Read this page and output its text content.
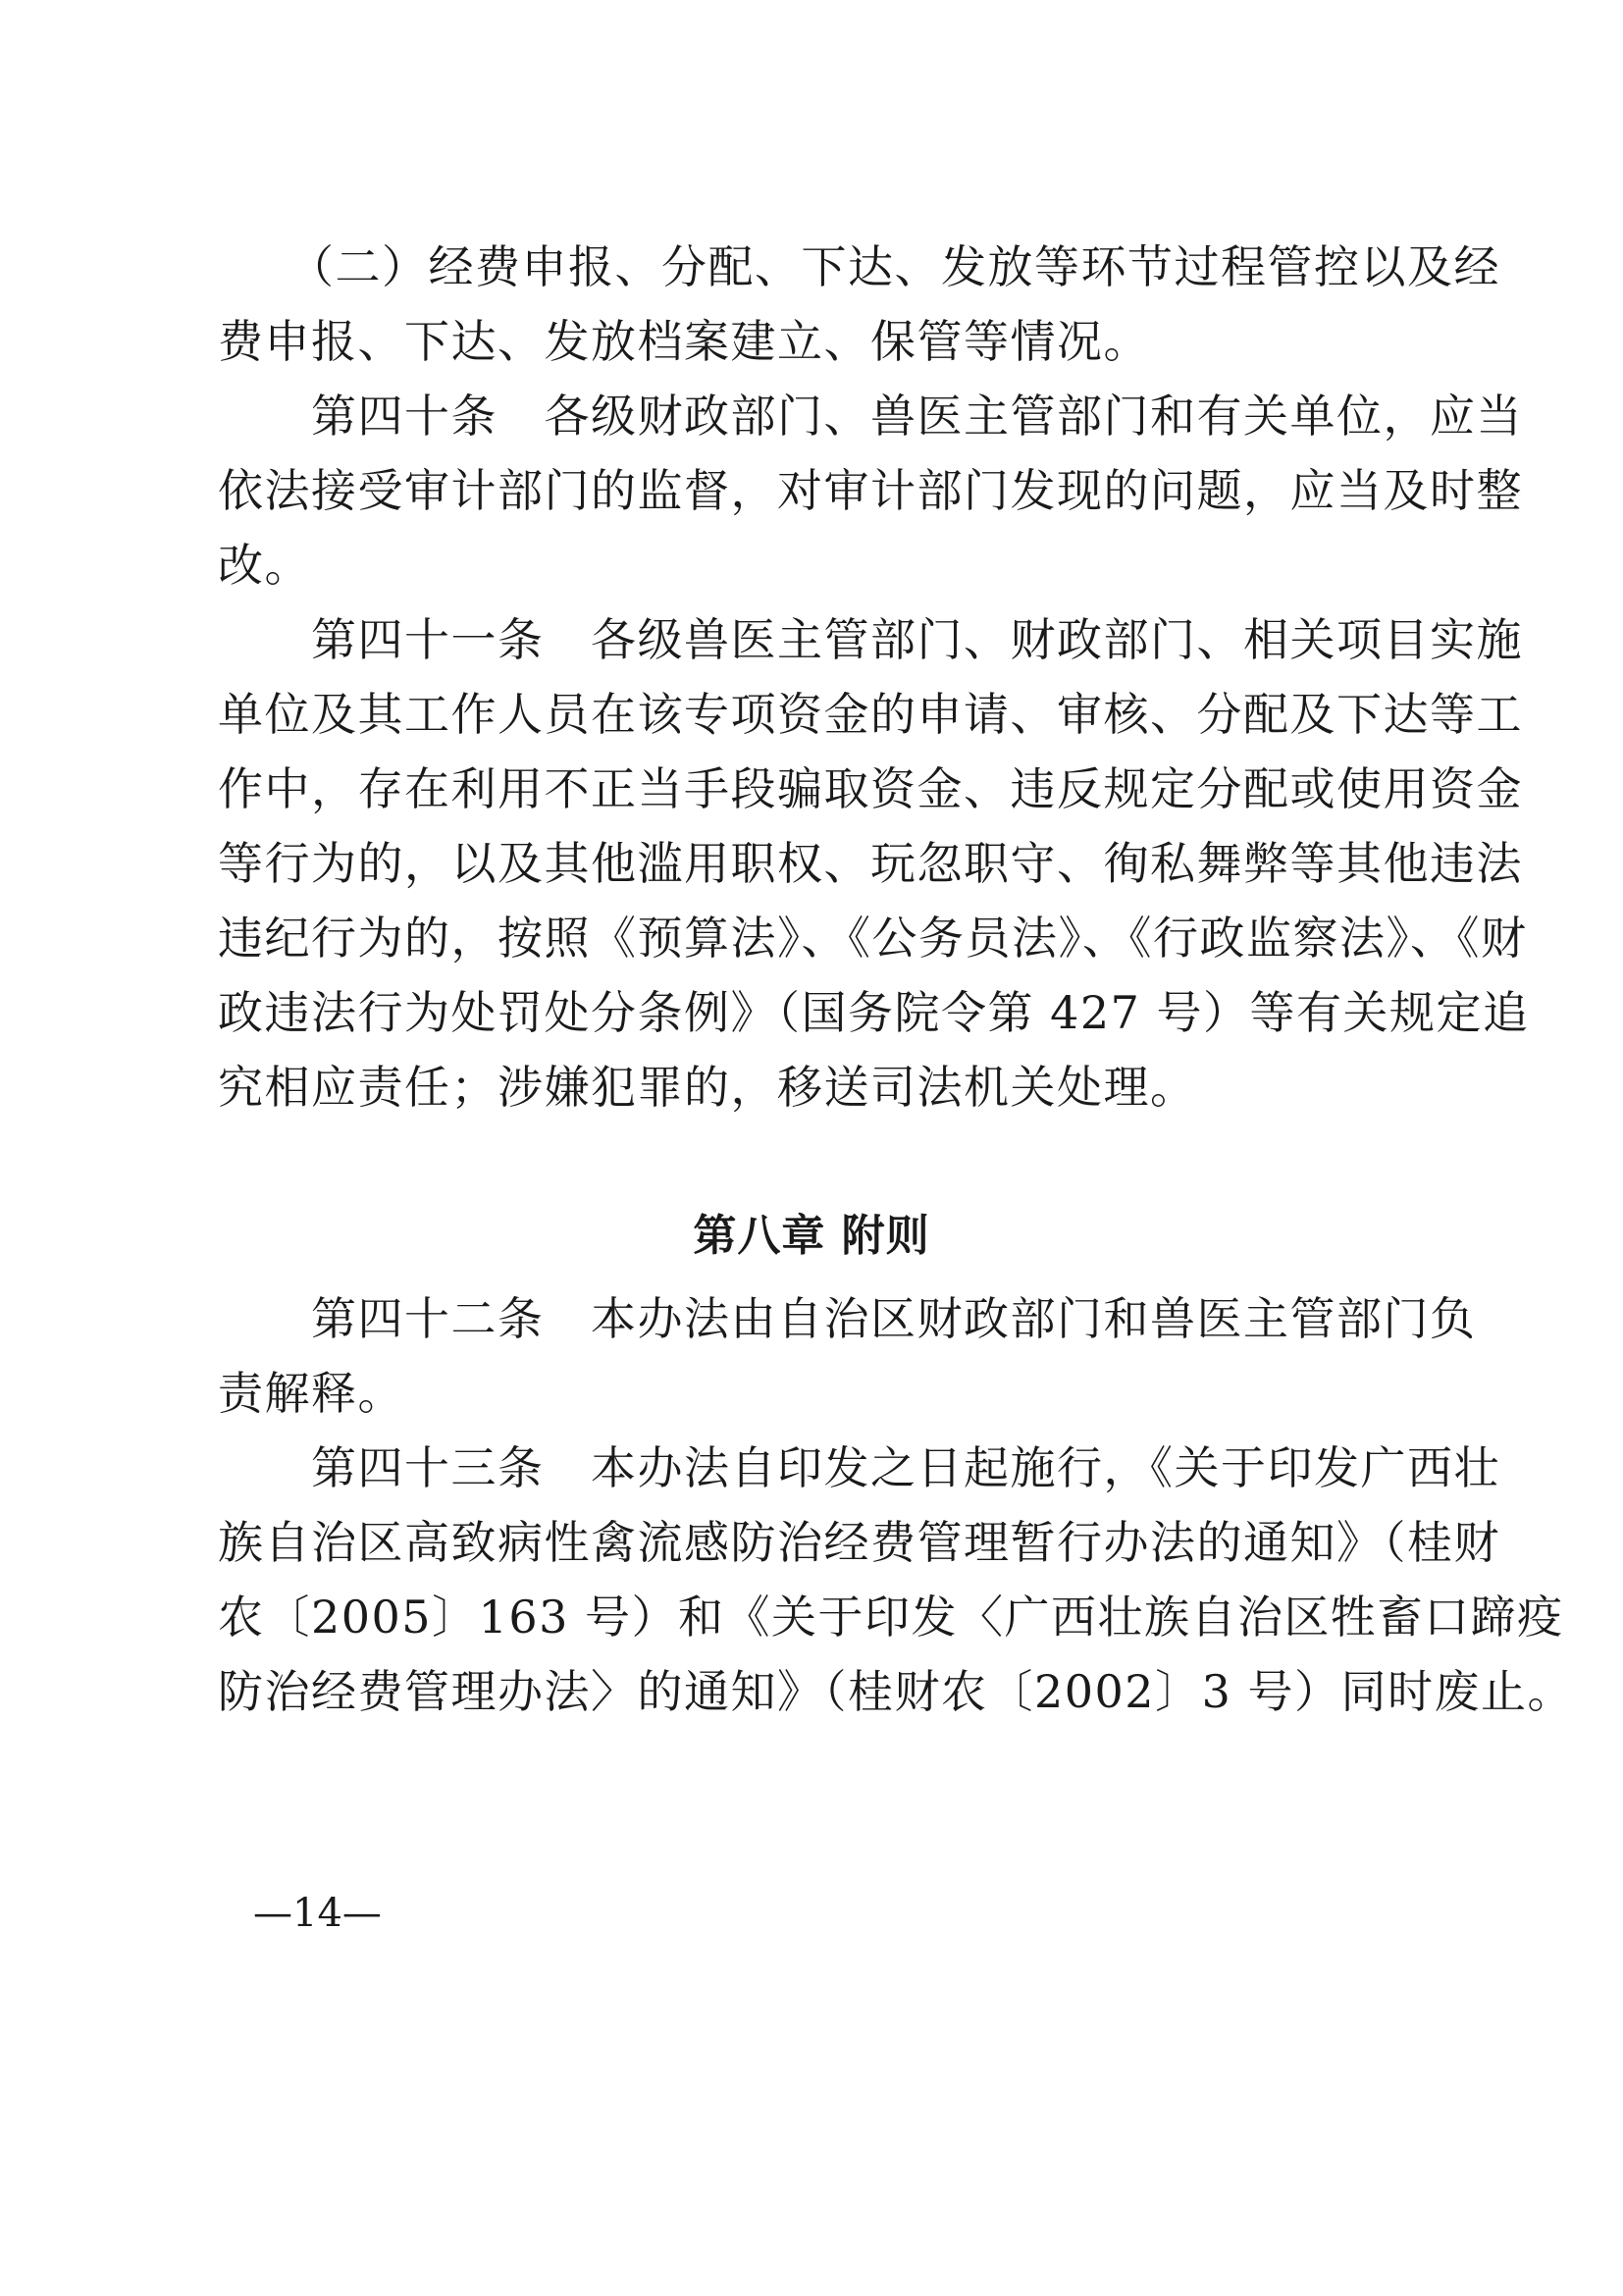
　　（二）经费申报、分配、下达、发放等环节过程管控以及经
费申报、下达、发放档案建立、保管等情况。
　　第四十条　各级财政部门、兽医主管部门和有关单位，应当
依法接受审计部门的监督，对审计部门发现的问题，应当及时整
改。
　　第四十一条　各级兽医主管部门、财政部门、相关项目实施
单位及其工作人员在该专项资金的申请、审核、分配及下达等工
作中，存在利用不正当手段骗取资金、违反规定分配或使用资金
等行为的，以及其他滥用职权、玩忽职守、徇私舞弊等其他违法
违纪行为的，按照《预算法》、《公务员法》、《行政监察法》、《财
政违法行为处罚处分条例》（国务院令第 427 号）等有关规定追
究相应责任；涉嫌犯罪的，移送司法机关处理。
第八章 附则
　　第四十二条　本办法由自治区财政部门和兽医主管部门负
责解释。
　　第四十三条　本办法自印发之日起施行，《关于印发广西壮
族自治区高致病性禽流感防治经费管理暂行办法的通知》（桂财
农〔2005〕163 号）和《关于印发〈广西壮族自治区牲畜口蹄疫
防治经费管理办法〉的通知》（桂财农〔2002〕3 号）同时废止。
—14—
